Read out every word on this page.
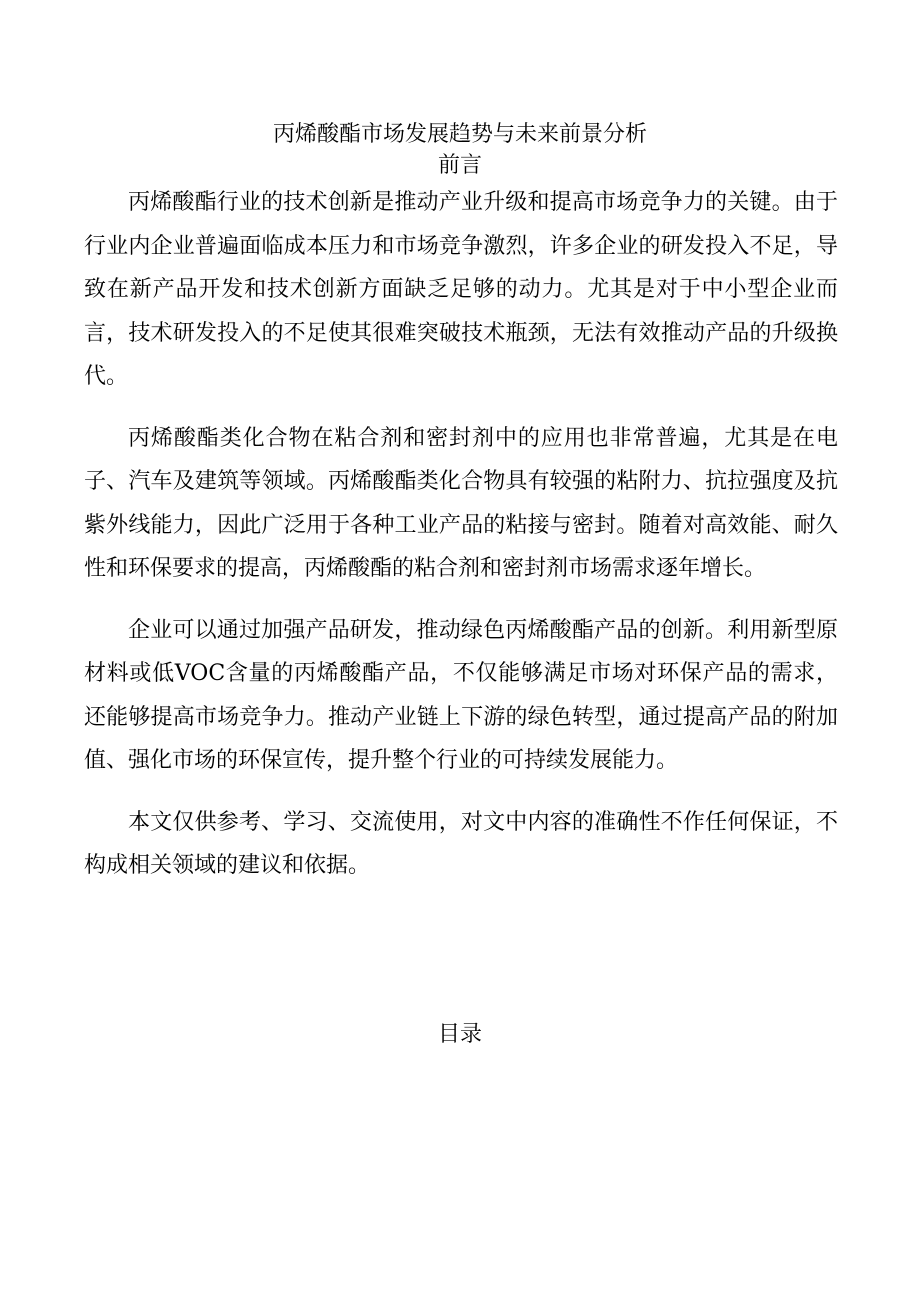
丙烯酸酯市场发展趋势与未来前景分析
前言

丙烯酸酯行业的技术创新是推动产业升级和提高市场竞争力的关键。由于行业内企业普遍面临成本压力和市场竞争激烈，许多企业的研发投入不足，导致在新产品开发和技术创新方面缺乏足够的动力。尤其是对于中小型企业而言，技术研发投入的不足使其很难突破技术瓶颈，无法有效推动产品的升级换代。

丙烯酸酯类化合物在粘合剂和密封剂中的应用也非常普遍，尤其是在电子、汽车及建筑等领域。丙烯酸酯类化合物具有较强的粘附力、抗拉强度及抗紫外线能力，因此广泛用于各种工业产品的粘接与密封。随着对高效能、耐久性和环保要求的提高，丙烯酸酯的粘合剂和密封剂市场需求逐年增长。

企业可以通过加强产品研发，推动绿色丙烯酸酯产品的创新。利用新型原材料或低VOC含量的丙烯酸酯产品，不仅能够满足市场对环保产品的需求，还能够提高市场竞争力。推动产业链上下游的绿色转型，通过提高产品的附加值、强化市场的环保宣传，提升整个行业的可持续发展能力。

本文仅供参考、学习、交流使用，对文中内容的准确性不作任何保证，不构成相关领域的建议和依据。

目录
